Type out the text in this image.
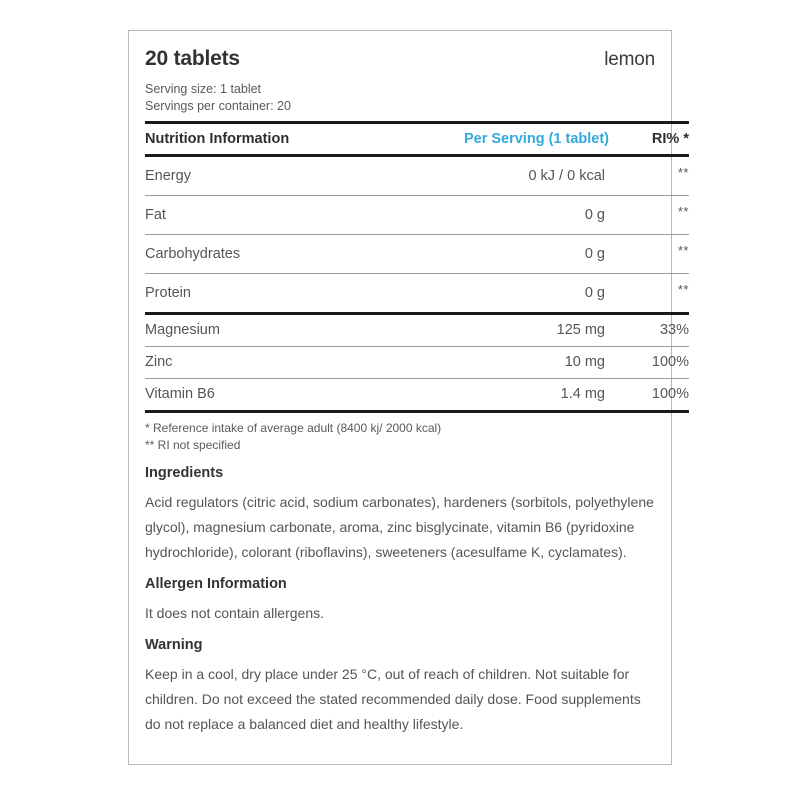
20 tablets	lemon
Serving size: 1 tablet
Servings per container: 20
Nutrition Information	Per Serving (1 tablet)	RI% *
Energy	0 kJ / 0 kcal	**
Fat	0 g	**
Carbohydrates	0 g	**
Protein	0 g	**
Magnesium	125 mg	33%
Zinc	10 mg	100%
Vitamin B6	1.4 mg	100%
* Reference intake of average adult (8400 kj/ 2000 kcal)
** RI not specified
Ingredients
Acid regulators (citric acid, sodium carbonates), hardeners (sorbitols, polyethylene glycol), magnesium carbonate, aroma, zinc bisglycinate, vitamin B6 (pyridoxine hydrochloride), colorant (riboflavins), sweeteners (acesulfame K, cyclamates).
Allergen Information
It does not contain allergens.
Warning
Keep in a cool, dry place under 25 °C, out of reach of children. Not suitable for children. Do not exceed the stated recommended daily dose. Food supplements do not replace a balanced diet and healthy lifestyle.
